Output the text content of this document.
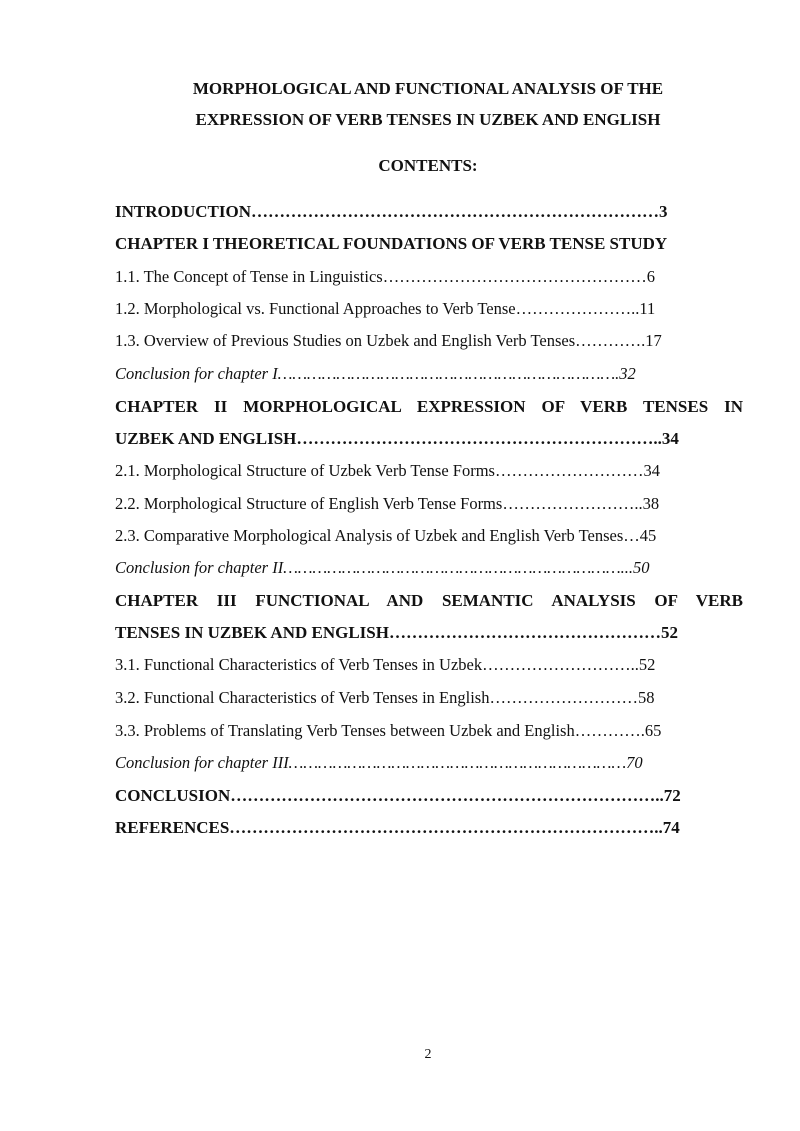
MORPHOLOGICAL AND FUNCTIONAL ANALYSIS OF THE
EXPRESSION OF VERB TENSES IN UZBEK AND ENGLISH
CONTENTS:
INTRODUCTION………………………………………………………………3
CHAPTER I THEORETICAL FOUNDATIONS OF VERB TENSE STUDY
1.1. The Concept of Tense in Linguistics…………………………………………6
1.2. Morphological vs. Functional Approaches to Verb Tense…………………..11
1.3. Overview of Previous Studies on Uzbek and English Verb Tenses………….17
Conclusion for chapter I…………………………………………………………….32
CHAPTER II MORPHOLOGICAL EXPRESSION OF VERB TENSES IN
UZBEK AND ENGLISH………………………………………………………..34
2.1. Morphological Structure of Uzbek Verb Tense Forms………………………34
2.2. Morphological Structure of English Verb Tense Forms……………………..38
2.3. Comparative Morphological Analysis of Uzbek and English Verb Tenses…45
Conclusion for chapter II……………………………………………………………...50
CHAPTER III FUNCTIONAL AND SEMANTIC ANALYSIS OF VERB
TENSES IN UZBEK AND ENGLISH…………………………………………52
3.1. Functional Characteristics of Verb Tenses in Uzbek………………………..52
3.2. Functional Characteristics of Verb Tenses in English………………………58
3.3. Problems of Translating Verb Tenses between Uzbek and English………….65
Conclusion for chapter III……………………………………………………………70
CONCLUSION…………………………………………………………………..72
REFERENCES…………………………………………………………………..74
2
